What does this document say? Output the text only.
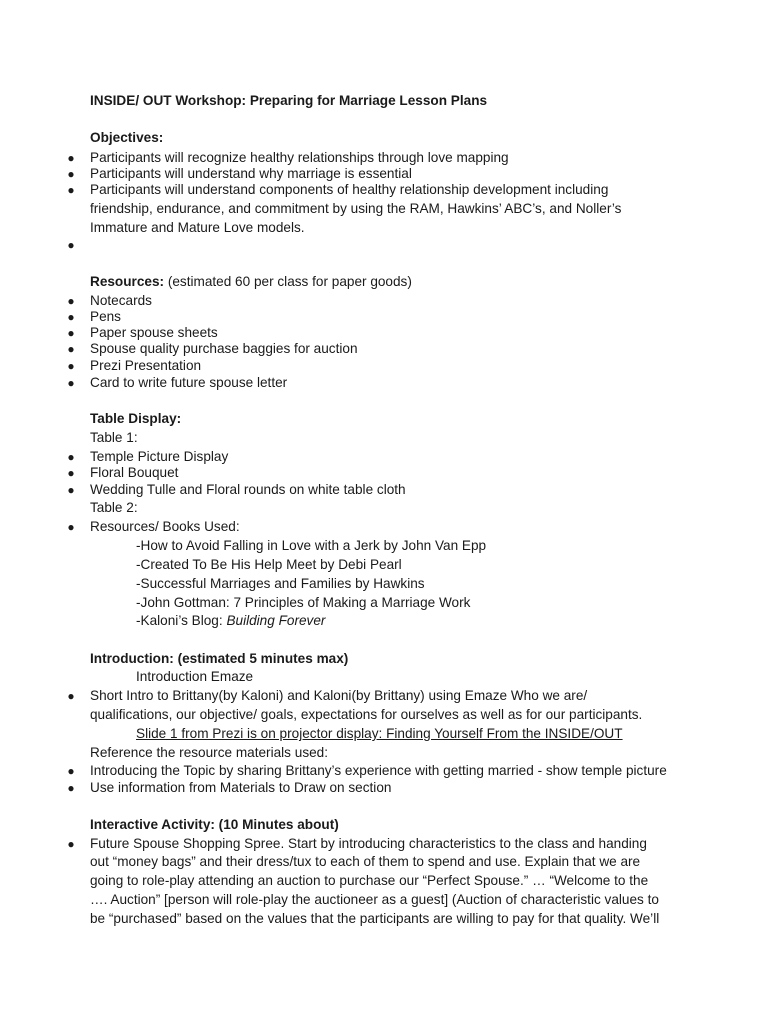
INSIDE/ OUT Workshop: Preparing for Marriage Lesson Plans
Objectives:
● Participants will recognize healthy relationships through love mapping
● Participants will understand why marriage is essential
● Participants will understand components of healthy relationship development including
friendship, endurance, and commitment by using the RAM, Hawkins’ ABC’s, and Noller’s
Immature and Mature Love models.
●
Resources: (estimated 60 per class for paper goods)
● Notecards
● Pens
● Paper spouse sheets
● Spouse quality purchase baggies for auction
● Prezi Presentation
● Card to write future spouse letter
Table Display:
Table 1:
● Temple Picture Display
● Floral Bouquet
● Wedding Tulle and Floral rounds on white table cloth
Table 2:
● Resources/ Books Used:
-How to Avoid Falling in Love with a Jerk by John Van Epp
-Created To Be His Help Meet by Debi Pearl
-Successful Marriages and Families by Hawkins
-John Gottman: 7 Principles of Making a Marriage Work
-Kaloni’s Blog: Building Forever
Introduction: (estimated 5 minutes max)
Introduction Emaze
● Short Intro to Brittany(by Kaloni) and Kaloni(by Brittany) using Emaze Who we are/
qualifications, our objective/ goals, expectations for ourselves as well as for our participants.
Slide 1 from Prezi is on projector display: Finding Yourself From the INSIDE/OUT
Reference the resource materials used:
● Introducing the Topic by sharing Brittany’s experience with getting married - show temple picture
● Use information from Materials to Draw on section
Interactive Activity: (10 Minutes about)
● Future Spouse Shopping Spree. Start by introducing characteristics to the class and handing
out “money bags” and their dress/tux to each of them to spend and use. Explain that we are
going to role-play attending an auction to purchase our “Perfect Spouse.” … “Welcome to the
…. Auction” [person will role-play the auctioneer as a guest] (Auction of characteristic values to
be “purchased” based on the values that the participants are willing to pay for that quality. We’ll
